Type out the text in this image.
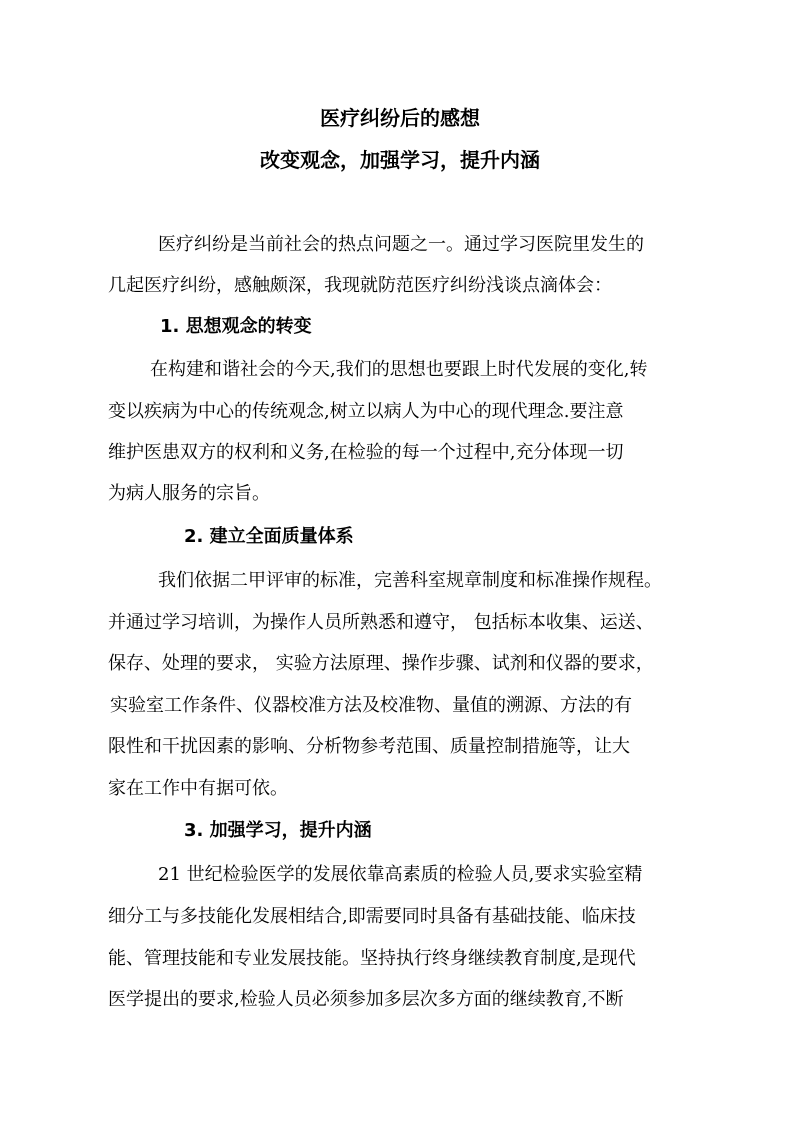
医疗纠纷后的感想
改变观念，加强学习，提升内涵

医疗纠纷是当前社会的热点问题之一。通过学习医院里发生的

几起医疗纠纷，感触颇深，我现就防范医疗纠纷浅谈点滴体会：

1. 思想观念的转变

在构建和谐社会的今天,我们的思想也要跟上时代发展的变化,转

变以疾病为中心的传统观念,树立以病人为中心的现代理念.要注意

维护医患双方的权利和义务,在检验的每一个过程中,充分体现一切

为病人服务的宗旨。

2. 建立全面质量体系

我们依据二甲评审的标准，完善科室规章制度和标准操作规程。

并通过学习培训，为操作人员所熟悉和遵守， 包括标本收集、运送、

保存、处理的要求， 实验方法原理、操作步骤、试剂和仪器的要求，

实验室工作条件、仪器校准方法及校准物、量值的溯源、方法的有

限性和干扰因素的影响、分析物参考范围、质量控制措施等，让大

家在工作中有据可依。

3. 加强学习，提升内涵

21 世纪检验医学的发展依靠高素质的检验人员,要求实验室精

细分工与多技能化发展相结合,即需要同时具备有基础技能、临床技

能、管理技能和专业发展技能。坚持执行终身继续教育制度,是现代

医学提出的要求,检验人员必须参加多层次多方面的继续教育,不断
